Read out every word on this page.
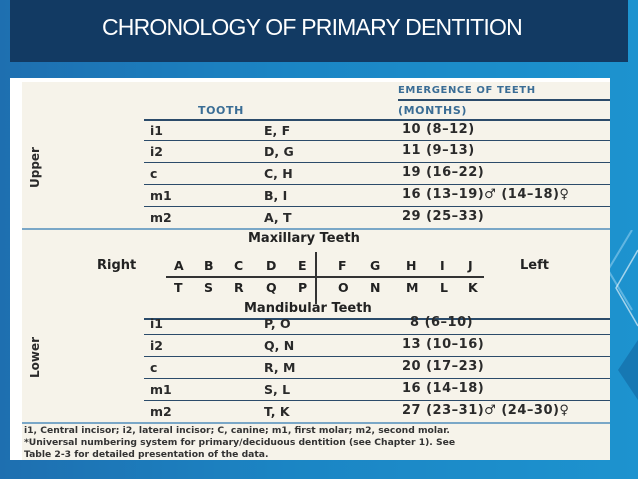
CHRONOLOGY OF PRIMARY DENTITION
EMERGENCE OF TEETH
TOOTH	(MONTHS)
Upper
i1	E, F	10 (8–12)
i2	D, G	11 (9–13)
c	C, H	19 (16–22)
m1	B, I	16 (13–19)♂ (14–18)♀
m2	A, T	29 (25–33)
Maxillary Teeth
Right	Left
A B C D E	F G H I J
T S R Q P O N M L K
Mandibular Teeth
Lower
i1	P, O	8 (6–10)
i2	Q, N	13 (10–16)
c	R, M	20 (17–23)
m1	S, L	16 (14–18)
m2	T, K	27 (23–31)♂ (24–30)♀
i1, Central incisor; i2, lateral incisor; C, canine; m1, first molar; m2, second molar.
*Universal numbering system for primary/deciduous dentition (see Chapter 1). See
Table 2-3 for detailed presentation of the data.
